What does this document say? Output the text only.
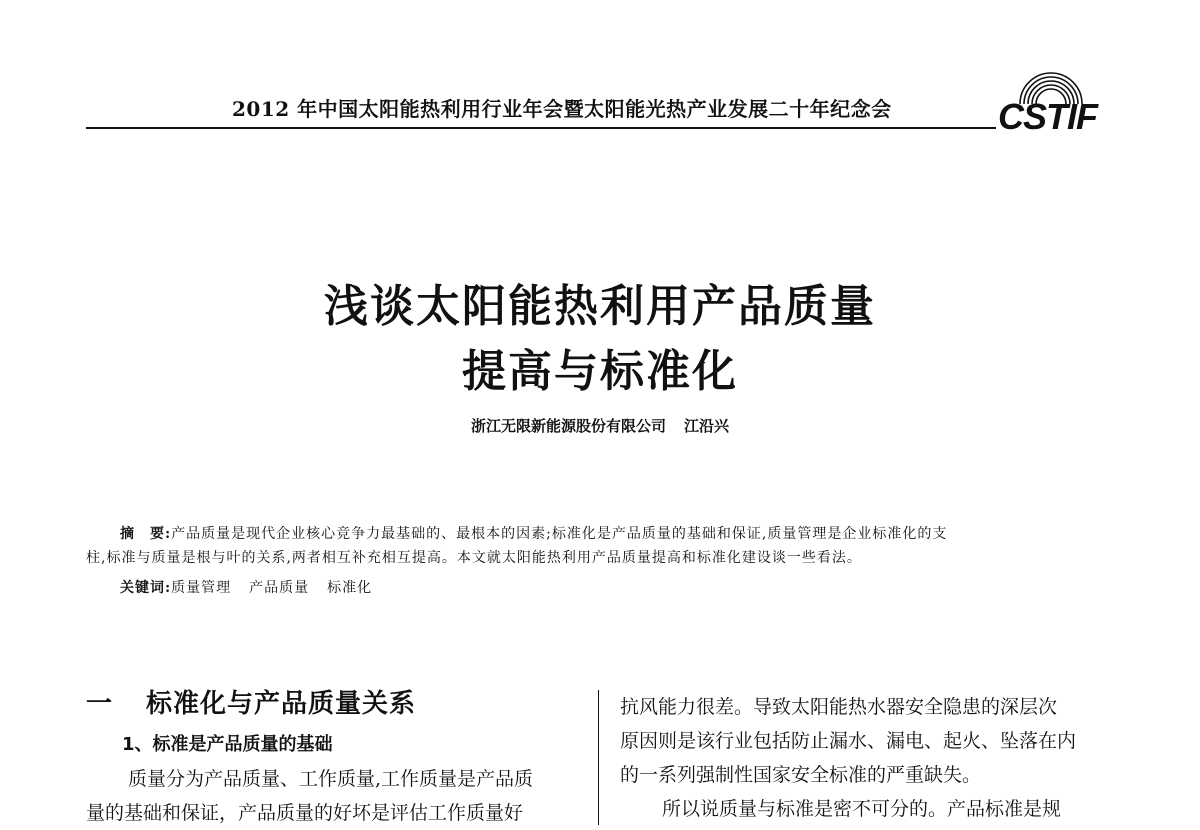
2012 年中国太阳能热利用行业年会暨太阳能光热产业发展二十年纪念会	CSTIF
浅谈太阳能热利用产品质量
提高与标准化
浙江无限新能源股份有限公司 江沿兴
摘　要:产品质量是现代企业核心竞争力最基础的、最根本的因素;标准化是产品质量的基础和保证,质量管理是企业标准化的支
柱,标准与质量是根与叶的关系,两者相互补充相互提高。本文就太阳能热利用产品质量提高和标准化建设谈一些看法。
关键词:质量管理 产品质量 标准化
一 标准化与产品质量关系
1、标准是产品质量的基础
质量分为产品质量、工作质量,工作质量是产品质
量的基础和保证，产品质量的好坏是评估工作质量好
抗风能力很差。导致太阳能热水器安全隐患的深层次
原因则是该行业包括防止漏水、漏电、起火、坠落在内
的一系列强制性国家安全标准的严重缺失。
所以说质量与标准是密不可分的。产品标准是规
